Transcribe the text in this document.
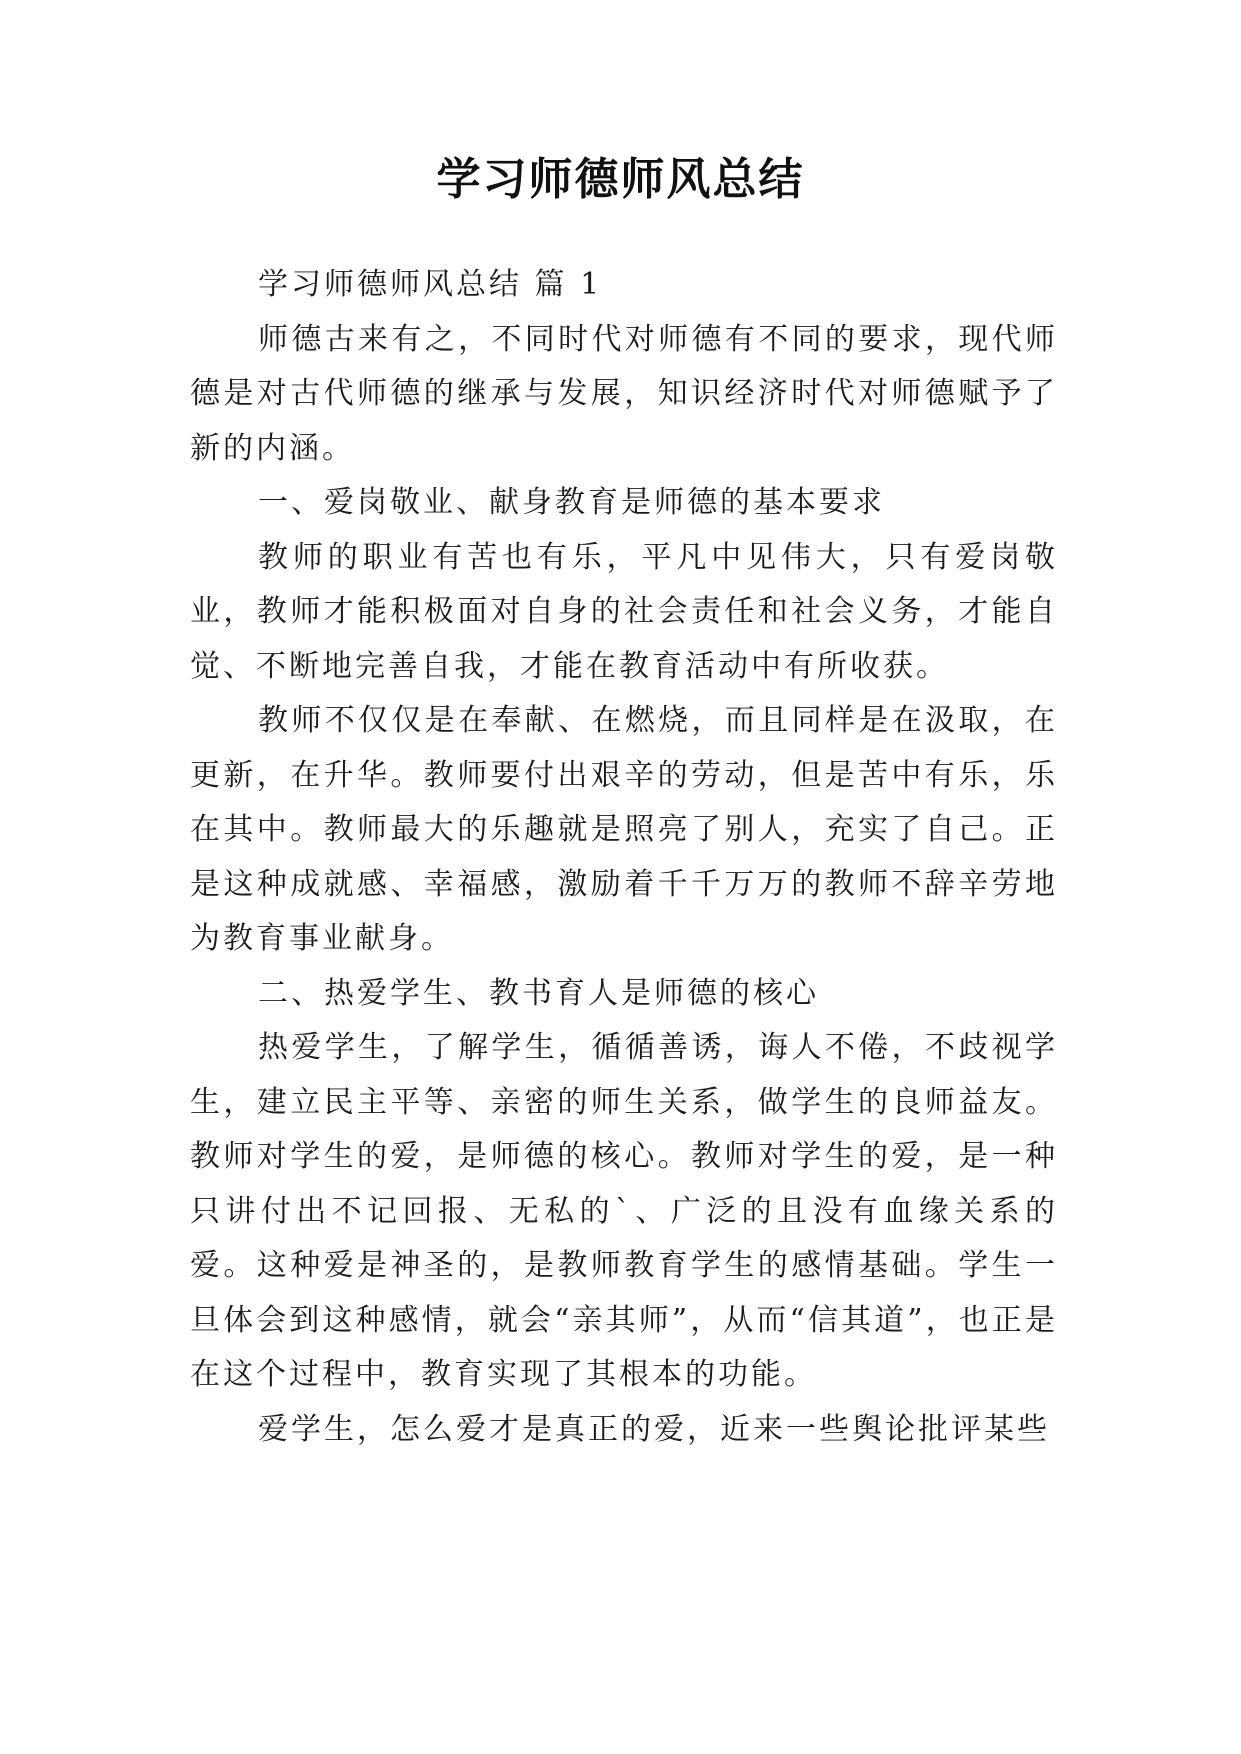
学习师德师风总结

学习师德师风总结 篇 1

师德古来有之，不同时代对师德有不同的要求，现代师德是对古代师德的继承与发展，知识经济时代对师德赋予了新的内涵。

一、爱岗敬业、献身教育是师德的基本要求

教师的职业有苦也有乐，平凡中见伟大，只有爱岗敬业，教师才能积极面对自身的社会责任和社会义务，才能自觉、不断地完善自我，才能在教育活动中有所收获。

教师不仅仅是在奉献、在燃烧，而且同样是在汲取，在更新，在升华。教师要付出艰辛的劳动，但是苦中有乐，乐在其中。教师最大的乐趣就是照亮了别人，充实了自己。正是这种成就感、幸福感，激励着千千万万的教师不辞辛劳地为教育事业献身。

二、热爱学生、教书育人是师德的核心

热爱学生，了解学生，循循善诱，诲人不倦，不歧视学生，建立民主平等、亲密的师生关系，做学生的良师益友。教师对学生的爱，是师德的核心。教师对学生的爱，是一种只讲付出不记回报、无私的`、广泛的且没有血缘关系的爱。这种爱是神圣的，是教师教育学生的感情基础。学生一旦体会到这种感情，就会“亲其师”，从而“信其道”，也正是在这个过程中，教育实现了其根本的功能。

爱学生，怎么爱才是真正的爱，近来一些舆论批评某些
